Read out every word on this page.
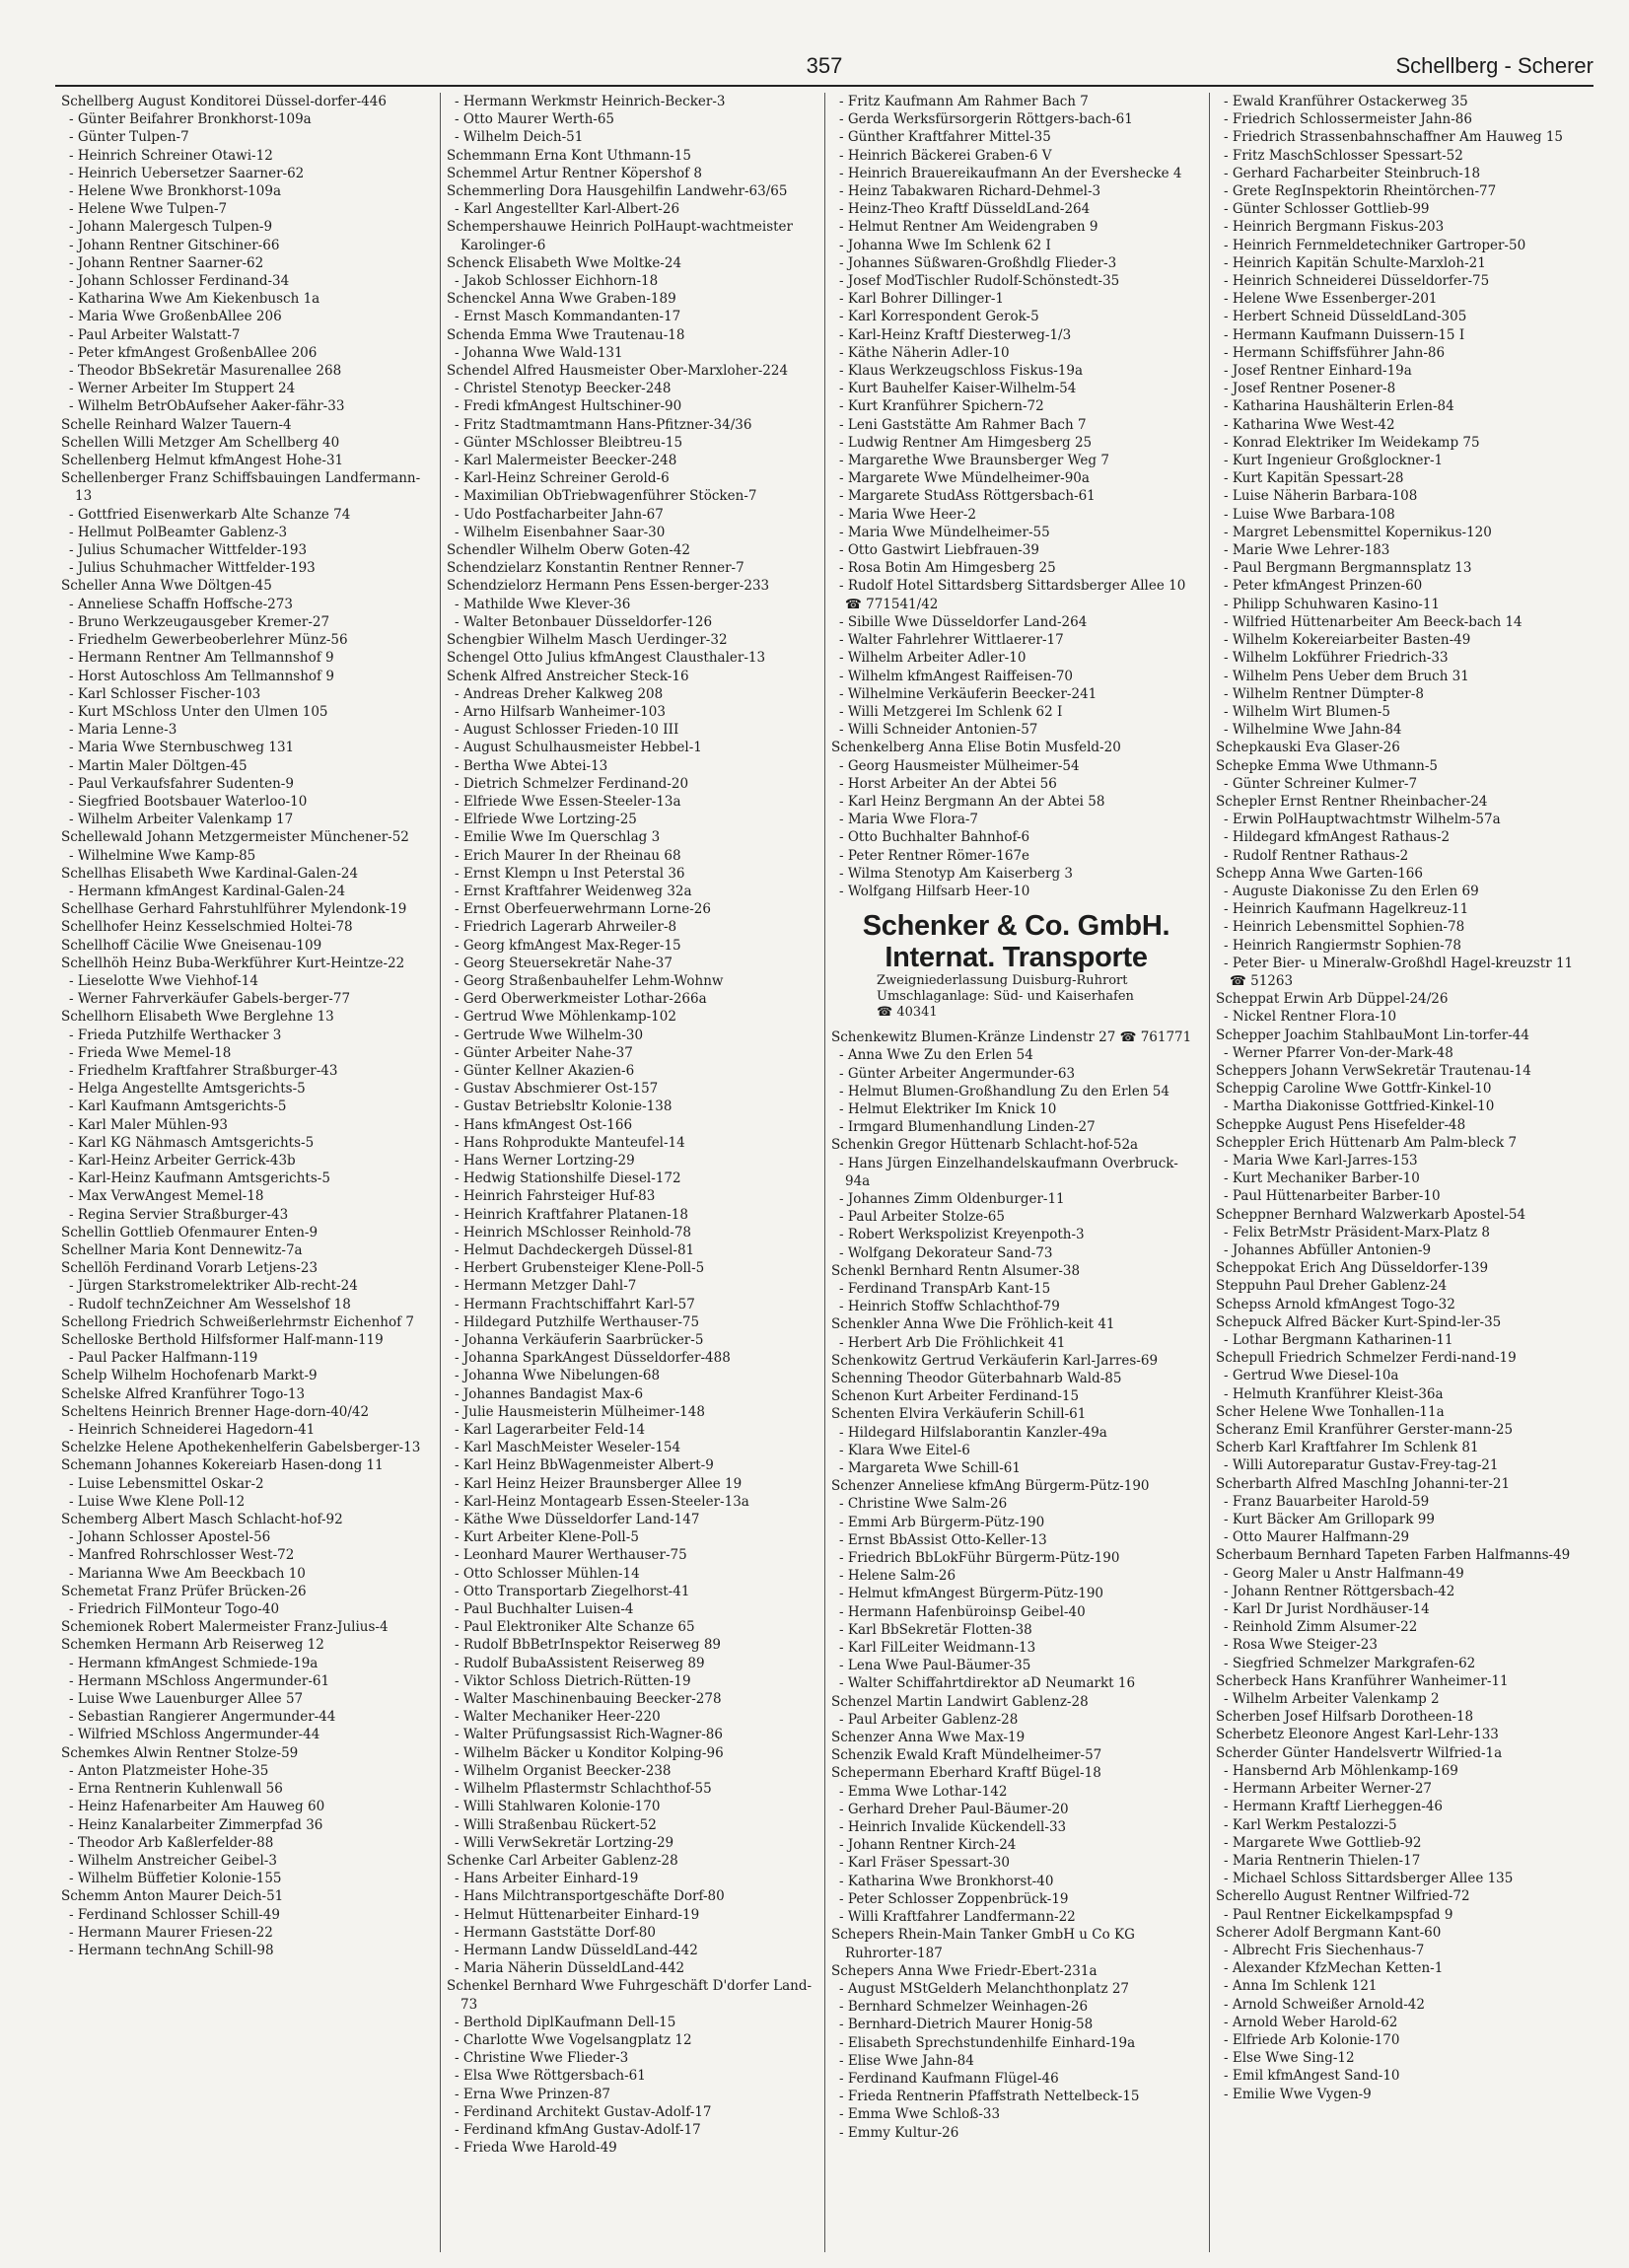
357	Schellberg - Scherer
Schellberg August Konditorei Düssel-dorfer-446
- Günter Beifahrer Bronkhorst-109a
- Günter Tulpen-7
- Heinrich Schreiner Otawi-12
- Heinrich Uebersetzer Saarner-62
- Helene Wwe Bronkhorst-109a
- Helene Wwe Tulpen-7
- Johann Malergesch Tulpen-9
- Johann Rentner Gitschiner-66
- Johann Rentner Saarner-62
- Johann Schlosser Ferdinand-34
- Katharina Wwe Am Kiekenbusch 1a
- Maria Wwe GroßenbAllee 206
- Paul Arbeiter Walstatt-7
- Peter kfmAngest GroßenbAllee 206
- Theodor BbSekretär Masurenallee 268
- Werner Arbeiter Im Stuppert 24
- Wilhelm BetrObAufseher Aaker-fähr-33
Schelle Reinhard Walzer Tauern-4
Schellen Willi Metzger Am Schellberg 40
Schellenberg Helmut kfmAngest Hohe-31
Schellenberger Franz Schiffsbauingen Landfermann-13
- Gottfried Eisenwerkarb Alte Schanze 74
- Hellmut PolBeamter Gablenz-3
- Julius Schumacher Wittfelder-193
- Julius Schuhmacher Wittfelder-193
Scheller Anna Wwe Döltgen-45
- Anneliese Schaffn Hoffsche-273
- Bruno Werkzeugausgeber Kremer-27
- Friedhelm Gewerbeoberlehrer Münz-56
- Hermann Rentner Am Tellmannshof 9
- Horst Autoschloss Am Tellmannshof 9
- Karl Schlosser Fischer-103
- Kurt MSchloss Unter den Ulmen 105
- Maria Lenne-3
- Maria Wwe Sternbuschweg 131
- Martin Maler Döltgen-45
- Paul Verkaufsfahrer Sudenten-9
- Siegfried Bootsbauer Waterloo-10
- Wilhelm Arbeiter Valenkamp 17
Schellewald Johann Metzgermeister Münchener-52
- Wilhelmine Wwe Kamp-85
Schellhas Elisabeth Wwe Kardinal-Galen-24
- Hermann kfmAngest Kardinal-Galen-24
Schellhase Gerhard Fahrstuhlführer Mylendonk-19
Schellhofer Heinz Kesselschmied Holtei-78
Schellhoff Cäcilie Wwe Gneisenau-109
Schellhöh Heinz Buba-Werkführer Kurt-Heintze-22
- Lieselotte Wwe Viehhof-14
- Werner Fahrverkäufer Gabels-berger-77
Schellhorn Elisabeth Wwe Berglehne 13
- Frieda Putzhilfe Werthacker 3
- Frieda Wwe Memel-18
- Friedhelm Kraftfahrer Straßburger-43
- Helga Angestellte Amtsgerichts-5
- Karl Kaufmann Amtsgerichts-5
- Karl Maler Mühlen-93
- Karl KG Nähmasch Amtsgerichts-5
- Karl-Heinz Arbeiter Gerrick-43b
- Karl-Heinz Kaufmann Amtsgerichts-5
- Max VerwAngest Memel-18
- Regina Servier Straßburger-43
Schellin Gottlieb Ofenmaurer Enten-9
Schellner Maria Kont Dennewitz-7a
Schellöh Ferdinand Vorarb Letjens-23
- Jürgen Starkstromelektriker Alb-recht-24
- Rudolf technZeichner Am Wesselshof 18
Schellong Friedrich Schweißerlehrmstr Eichenhof 7
Schelloske Berthold Hilfsformer Half-mann-119
- Paul Packer Halfmann-119
Schelp Wilhelm Hochofenarb Markt-9
Schelske Alfred Kranführer Togo-13
Scheltens Heinrich Brenner Hage-dorn-40/42
- Heinrich Schneiderei Hagedorn-41
Schelzke Helene Apothekenhelferin Gabelsberger-13
Schemann Johannes Kokereiarb Hasen-dong 11
- Luise Lebensmittel Oskar-2
- Luise Wwe Klene Poll-12
Schemberg Albert Masch Schlacht-hof-92
- Johann Schlosser Apostel-56
- Manfred Rohrschlosser West-72
- Marianna Wwe Am Beeckbach 10
Schemetat Franz Prüfer Brücken-26
- Friedrich FilMonteur Togo-40
Schemionek Robert Malermeister Franz-Julius-4
Schemken Hermann Arb Reiserweg 12
- Hermann kfmAngest Schmiede-19a
- Hermann MSchloss Angermunder-61
- Luise Wwe Lauenburger Allee 57
- Sebastian Rangierer Angermunder-44
- Wilfried MSchloss Angermunder-44
Schemkes Alwin Rentner Stolze-59
- Anton Platzmeister Hohe-35
- Erna Rentnerin Kuhlenwall 56
- Heinz Hafenarbeiter Am Hauweg 60
- Heinz Kanalarbeiter Zimmerpfad 36
- Theodor Arb Kaßlerfelder-88
- Wilhelm Anstreicher Geibel-3
- Wilhelm Büffetier Kolonie-155
Schemm Anton Maurer Deich-51
- Ferdinand Schlosser Schill-49
- Hermann Maurer Friesen-22
- Hermann technAng Schill-98
- Hermann Werkmstr Heinrich-Becker-3
- Otto Maurer Werth-65
- Wilhelm Deich-51
Schemmann Erna Kont Uthmann-15
Schemmel Artur Rentner Köpershof 8
Schemmerling Dora Hausgehilfin Landwehr-63/65
- Karl Angestellter Karl-Albert-26
Schempershauwe Heinrich PolHaupt-wachtmeister Karolinger-6
Schenck Elisabeth Wwe Moltke-24
- Jakob Schlosser Eichhorn-18
Schenckel Anna Wwe Graben-189
- Ernst Masch Kommandanten-17
Schenda Emma Wwe Trautenau-18
- Johanna Wwe Wald-131
Schendel Alfred Hausmeister Ober-Marxloher-224
- Christel Stenotyp Beecker-248
- Fredi kfmAngest Hultschiner-90
- Fritz Stadtmamtmann Hans-Pfitzner-34/36
- Günter MSchlosser Bleibtreu-15
- Karl Malermeister Beecker-248
- Karl-Heinz Schreiner Gerold-6
- Maximilian ObTriebwagenführer Stöcken-7
- Udo Postfacharbeiter Jahn-67
- Wilhelm Eisenbahner Saar-30
Schendler Wilhelm Oberw Goten-42
Schendzielarz Konstantin Rentner Renner-7
Schendzielorz Hermann Pens Essen-berger-233
- Mathilde Wwe Klever-36
- Walter Betonbauer Düsseldorfer-126
Schengbier Wilhelm Masch Uerdinger-32
Schengel Otto Julius kfmAngest Clausthaler-13
Schenk Alfred Anstreicher Steck-16
- Andreas Dreher Kalkweg 208
- Arno Hilfsarb Wanheimer-103
- August Schlosser Frieden-10 III
- August Schulhausmeister Hebbel-1
- Bertha Wwe Abtei-13
- Dietrich Schmelzer Ferdinand-20
- Elfriede Wwe Essen-Steeler-13a
- Elfriede Wwe Lortzing-25
- Emilie Wwe Im Querschlag 3
- Erich Maurer In der Rheinau 68
- Ernst Klempn u Inst Peterstal 36
- Ernst Kraftfahrer Weidenweg 32a
- Ernst Oberfeuerwehrmann Lorne-26
- Friedrich Lagerarb Ahrweiler-8
- Georg kfmAngest Max-Reger-15
- Georg Steuersekretär Nahe-37
- Georg Straßenbauhelfer Lehm-Wohnw
- Gerd Oberwerkmeister Lothar-266a
- Gertrud Wwe Möhlenkamp-102
- Gertrude Wwe Wilhelm-30
- Günter Arbeiter Nahe-37
- Günter Kellner Akazien-6
- Gustav Abschmierer Ost-157
- Gustav Betriebsltr Kolonie-138
- Hans kfmAngest Ost-166
- Hans Rohprodukte Manteufel-14
- Hans Werner Lortzing-29
- Hedwig Stationshilfe Diesel-172
- Heinrich Fahrsteiger Huf-83
- Heinrich Kraftfahrer Platanen-18
- Heinrich MSchlosser Reinhold-78
- Helmut Dachdeckergeh Düssel-81
- Herbert Grubensteiger Klene-Poll-5
- Hermann Metzger Dahl-7
- Hermann Frachtschiffahrt Karl-57
- Hildegard Putzhilfe Werthauser-75
- Johanna Verkäuferin Saarbrücker-5
- Johanna SparkAngest Düsseldorfer-488
- Johanna Wwe Nibelungen-68
- Johannes Bandagist Max-6
- Julie Hausmeisterin Mülheimer-148
- Karl Lagerarbeiter Feld-14
- Karl MaschMeister Weseler-154
- Karl Heinz BbWagenmeister Albert-9
- Karl Heinz Heizer Braunsberger Allee 19
- Karl-Heinz Montagearb Essen-Steeler-13a
- Käthe Wwe Düsseldorfer Land-147
- Kurt Arbeiter Klene-Poll-5
- Leonhard Maurer Werthauser-75
- Otto Schlosser Mühlen-14
- Otto Transportarb Ziegelhorst-41
- Paul Buchhalter Luisen-4
- Paul Elektroniker Alte Schanze 65
- Rudolf BbBetrInspektor Reiserweg 89
- Rudolf BubaAssistent Reiserweg 89
- Viktor Schloss Dietrich-Rütten-19
- Walter Maschinenbauing Beecker-278
- Walter Mechaniker Heer-220
- Walter Prüfungsassist Rich-Wagner-86
- Wilhelm Bäcker u Konditor Kolping-96
- Wilhelm Organist Beecker-238
- Wilhelm Pflastermstr Schlachthof-55
- Willi Stahlwaren Kolonie-170
- Willi Straßenbau Rückert-52
- Willi VerwSekretär Lortzing-29
Schenke Carl Arbeiter Gablenz-28
- Hans Arbeiter Einhard-19
- Hans Milchtransportgeschäfte Dorf-80
- Helmut Hüttenarbeiter Einhard-19
- Hermann Gaststätte Dorf-80
- Hermann Landw DüsseldLand-442
- Maria Näherin DüsseldLand-442
Schenkel Bernhard Wwe Fuhrgeschäft D'dorfer Land-73
- Berthold DiplKaufmann Dell-15
- Charlotte Wwe Vogelsangplatz 12
- Christine Wwe Flieder-3
- Elsa Wwe Röttgersbach-61
- Erna Wwe Prinzen-87
- Ferdinand Architekt Gustav-Adolf-17
- Ferdinand kfmAng Gustav-Adolf-17
- Frieda Wwe Harold-49
- Fritz Kaufmann Am Rahmer Bach 7
- Gerda Werksfürsorgerin Röttgers-bach-61
- Günther Kraftfahrer Mittel-35
- Heinrich Bäckerei Graben-6 V
- Heinrich Brauereikaufmann An der Evershecke 4
- Heinz Tabakwaren Richard-Dehmel-3
- Heinz-Theo Kraftf DüsseldLand-264
- Helmut Rentner Am Weidengraben 9
- Johanna Wwe Im Schlenk 62 I
- Johannes Süßwaren-Großhdlg Flieder-3
- Josef ModTischler Rudolf-Schönstedt-35
- Karl Bohrer Dillinger-1
- Karl Korrespondent Gerok-5
- Karl-Heinz Kraftf Diesterweg-1/3
- Käthe Näherin Adler-10
- Klaus Werkzeugschloss Fiskus-19a
- Kurt Bauhelfer Kaiser-Wilhelm-54
- Kurt Kranführer Spichern-72
- Leni Gaststätte Am Rahmer Bach 7
- Ludwig Rentner Am Himgesberg 25
- Margarethe Wwe Braunsberger Weg 7
- Margarete Wwe Mündelheimer-90a
- Margarete StudAss Röttgersbach-61
- Maria Wwe Heer-2
- Maria Wwe Mündelheimer-55
- Otto Gastwirt Liebfrauen-39
- Rosa Botin Am Himgesberg 25
- Rudolf Hotel Sittardsberg Sittardsberger Allee 10 ☎ 771541/42
- Sibille Wwe Düsseldorfer Land-264
- Walter Fahrlehrer Wittlaerer-17
- Wilhelm Arbeiter Adler-10
- Wilhelm kfmAngest Raiffeisen-70
- Wilhelmine Verkäuferin Beecker-241
- Willi Metzgerei Im Schlenk 62 I
- Willi Schneider Antonien-57
Schenkelberg Anna Elise Botin Musfeld-20
- Georg Hausmeister Mülheimer-54
- Horst Arbeiter An der Abtei 56
- Karl Heinz Bergmann An der Abtei 58
- Maria Wwe Flora-7
- Otto Buchhalter Bahnhof-6
- Peter Rentner Römer-167e
- Wilma Stenotyp Am Kaiserberg 3
- Wolfgang Hilfsarb Heer-10
Schenker & Co. GmbH.
Internat. Transporte
Zweigniederlassung Duisburg-Ruhrort
Umschlaganlage: Süd- und Kaiserhafen
☎ 40341
Schenkewitz Blumen-Kränze Lindenstr 27 ☎ 761771
- Anna Wwe Zu den Erlen 54
- Günter Arbeiter Angermunder-63
- Helmut Blumen-Großhandlung Zu den Erlen 54
- Helmut Elektriker Im Knick 10
- Irmgard Blumenhandlung Linden-27
Schenkin Gregor Hüttenarb Schlacht-hof-52a
- Hans Jürgen Einzelhandelskaufmann Overbruck-94a
- Johannes Zimm Oldenburger-11
- Paul Arbeiter Stolze-65
- Robert Werkspolizist Kreyenpoth-3
- Wolfgang Dekorateur Sand-73
Schenkl Bernhard Rentn Alsumer-38
- Ferdinand TranspArb Kant-15
- Heinrich Stoffw Schlachthof-79
Schenkler Anna Wwe Die Fröhlich-keit 41
- Herbert Arb Die Fröhlichkeit 41
Schenkowitz Gertrud Verkäuferin Karl-Jarres-69
Schenning Theodor Güterbahnarb Wald-85
Schenon Kurt Arbeiter Ferdinand-15
Schenten Elvira Verkäuferin Schill-61
- Hildegard Hilfslaborantin Kanzler-49a
- Klara Wwe Eitel-6
- Margareta Wwe Schill-61
Schenzer Anneliese kfmAng Bürgerm-Pütz-190
- Christine Wwe Salm-26
- Emmi Arb Bürgerm-Pütz-190
- Ernst BbAssist Otto-Keller-13
- Friedrich BbLokFühr Bürgerm-Pütz-190
- Helene Salm-26
- Helmut kfmAngest Bürgerm-Pütz-190
- Hermann Hafenbüroinsp Geibel-40
- Karl BbSekretär Flotten-38
- Karl FilLeiter Weidmann-13
- Lena Wwe Paul-Bäumer-35
- Walter Schiffahrtdirektor aD Neumarkt 16
Schenzel Martin Landwirt Gablenz-28
- Paul Arbeiter Gablenz-28
Schenzer Anna Wwe Max-19
Schenzik Ewald Kraft Mündelheimer-57
Schepermann Eberhard Kraftf Bügel-18
- Emma Wwe Lothar-142
- Gerhard Dreher Paul-Bäumer-20
- Heinrich Invalide Kückendell-33
- Johann Rentner Kirch-24
- Karl Fräser Spessart-30
- Katharina Wwe Bronkhorst-40
- Peter Schlosser Zoppenbrück-19
- Willi Kraftfahrer Landfermann-22
Schepers Rhein-Main Tanker GmbH u Co KG Ruhrorter-187
Schepers Anna Wwe Friedr-Ebert-231a
- August MStGelderh Melanchthonplatz 27
- Bernhard Schmelzer Weinhagen-26
- Bernhard-Dietrich Maurer Honig-58
- Elisabeth Sprechstundenhilfe Einhard-19a
- Elise Wwe Jahn-84
- Ferdinand Kaufmann Flügel-46
- Frieda Rentnerin Pfaffstrath Nettelbeck-15
- Emma Wwe Schloß-33
- Emmy Kultur-26
- Ewald Kranführer Ostackerweg 35
- Friedrich Schlossermeister Jahn-86
- Friedrich Strassenbahnschaffner Am Hauweg 15
- Fritz MaschSchlosser Spessart-52
- Gerhard Facharbeiter Steinbruch-18
- Grete RegInspektorin Rheintörchen-77
- Günter Schlosser Gottlieb-99
- Heinrich Bergmann Fiskus-203
- Heinrich Fernmeldetechniker Gartroper-50
- Heinrich Kapitän Schulte-Marxloh-21
- Heinrich Schneiderei Düsseldorfer-75
- Helene Wwe Essenberger-201
- Herbert Schneid DüsseldLand-305
- Hermann Kaufmann Duissern-15 I
- Hermann Schiffsführer Jahn-86
- Josef Rentner Einhard-19a
- Josef Rentner Posener-8
- Katharina Haushälterin Erlen-84
- Katharina Wwe West-42
- Konrad Elektriker Im Weidekamp 75
- Kurt Ingenieur Großglockner-1
- Kurt Kapitän Spessart-28
- Luise Näherin Barbara-108
- Luise Wwe Barbara-108
- Margret Lebensmittel Kopernikus-120
- Marie Wwe Lehrer-183
- Paul Bergmann Bergmannsplatz 13
- Peter kfmAngest Prinzen-60
- Philipp Schuhwaren Kasino-11
- Wilfried Hüttenarbeiter Am Beeck-bach 14
- Wilhelm Kokereiarbeiter Basten-49
- Wilhelm Lokführer Friedrich-33
- Wilhelm Pens Ueber dem Bruch 31
- Wilhelm Rentner Dümpter-8
- Wilhelm Wirt Blumen-5
- Wilhelmine Wwe Jahn-84
Schepkauski Eva Glaser-26
Schepke Emma Wwe Uthmann-5
- Günter Schreiner Kulmer-7
Schepler Ernst Rentner Rheinbacher-24
- Erwin PolHauptwachtmstr Wilhelm-57a
- Hildegard kfmAngest Rathaus-2
- Rudolf Rentner Rathaus-2
Schepp Anna Wwe Garten-166
- Auguste Diakonisse Zu den Erlen 69
- Heinrich Kaufmann Hagelkreuz-11
- Heinrich Lebensmittel Sophien-78
- Heinrich Rangiermstr Sophien-78
- Peter Bier- u Mineralw-Großhdl Hagel-kreuzstr 11 ☎ 51263
Scheppat Erwin Arb Düppel-24/26
- Nickel Rentner Flora-10
Schepper Joachim StahlbauMont Lin-torfer-44
- Werner Pfarrer Von-der-Mark-48
Scheppers Johann VerwSekretär Trautenau-14
Scheppig Caroline Wwe Gottfr-Kinkel-10
- Martha Diakonisse Gottfried-Kinkel-10
Scheppke August Pens Hisefelder-48
Scheppler Erich Hüttenarb Am Palm-bleck 7
- Maria Wwe Karl-Jarres-153
- Kurt Mechaniker Barber-10
- Paul Hüttenarbeiter Barber-10
Scheppner Bernhard Walzwerkarb Apostel-54
- Felix BetrMstr Präsident-Marx-Platz 8
- Johannes Abfüller Antonien-9
Scheppokat Erich Ang Düsseldorfer-139
Steppuhn Paul Dreher Gablenz-24
Schepss Arnold kfmAngest Togo-32
Schepuck Alfred Bäcker Kurt-Spind-ler-35
- Lothar Bergmann Katharinen-11
Schepull Friedrich Schmelzer Ferdi-nand-19
- Gertrud Wwe Diesel-10a
- Helmuth Kranführer Kleist-36a
Scher Helene Wwe Tonhallen-11a
Scheranz Emil Kranführer Gerster-mann-25
Scherb Karl Kraftfahrer Im Schlenk 81
- Willi Autoreparatur Gustav-Frey-tag-21
Scherbarth Alfred MaschIng Johanni-ter-21
- Franz Bauarbeiter Harold-59
- Kurt Bäcker Am Grillopark 99
- Otto Maurer Halfmann-29
Scherbaum Bernhard Tapeten Farben Halfmanns-49
- Georg Maler u Anstr Halfmann-49
- Johann Rentner Röttgersbach-42
- Karl Dr Jurist Nordhäuser-14
- Reinhold Zimm Alsumer-22
- Rosa Wwe Steiger-23
- Siegfried Schmelzer Markgrafen-62
Scherbeck Hans Kranführer Wanheimer-11
- Wilhelm Arbeiter Valenkamp 2
Scherben Josef Hilfsarb Dorotheen-18
Scherbetz Eleonore Angest Karl-Lehr-133
Scherder Günter Handelsvertr Wilfried-1a
- Hansbernd Arb Möhlenkamp-169
- Hermann Arbeiter Werner-27
- Hermann Kraftf Lierheggen-46
- Karl Werkm Pestalozzi-5
- Margarete Wwe Gottlieb-92
- Maria Rentnerin Thielen-17
- Michael Schloss Sittardsberger Allee 135
Scherello August Rentner Wilfried-72
- Paul Rentner Eickelkampspfad 9
Scherer Adolf Bergmann Kant-60
- Albrecht Fris Siechenhaus-7
- Alexander KfzMechan Ketten-1
- Anna Im Schlenk 121
- Arnold Schweißer Arnold-42
- Arnold Weber Harold-62
- Elfriede Arb Kolonie-170
- Else Wwe Sing-12
- Emil kfmAngest Sand-10
- Emilie Wwe Vygen-9
